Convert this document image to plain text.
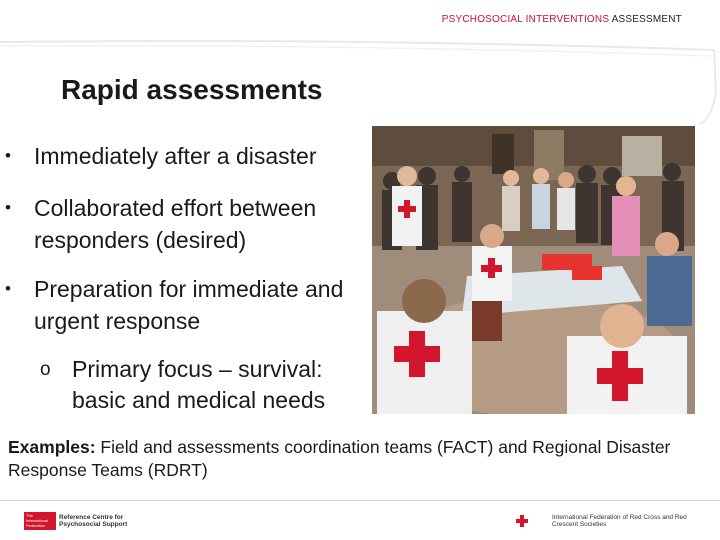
PSYCHOSOCIAL INTERVENTIONS ASSESSMENT
Rapid assessments
•	Immediately after a disaster
•	Collaborated effort between responders (desired)
•	Preparation for immediate and urgent response
o Primary focus – survival: basic and medical needs
Examples: Field and assessments coordination teams (FACT) and Regional Disaster Response Teams (RDRT)
The International Federation
Reference Centre for Psychosocial Support
International Federation of Red Cross and Red Crescent Societies
